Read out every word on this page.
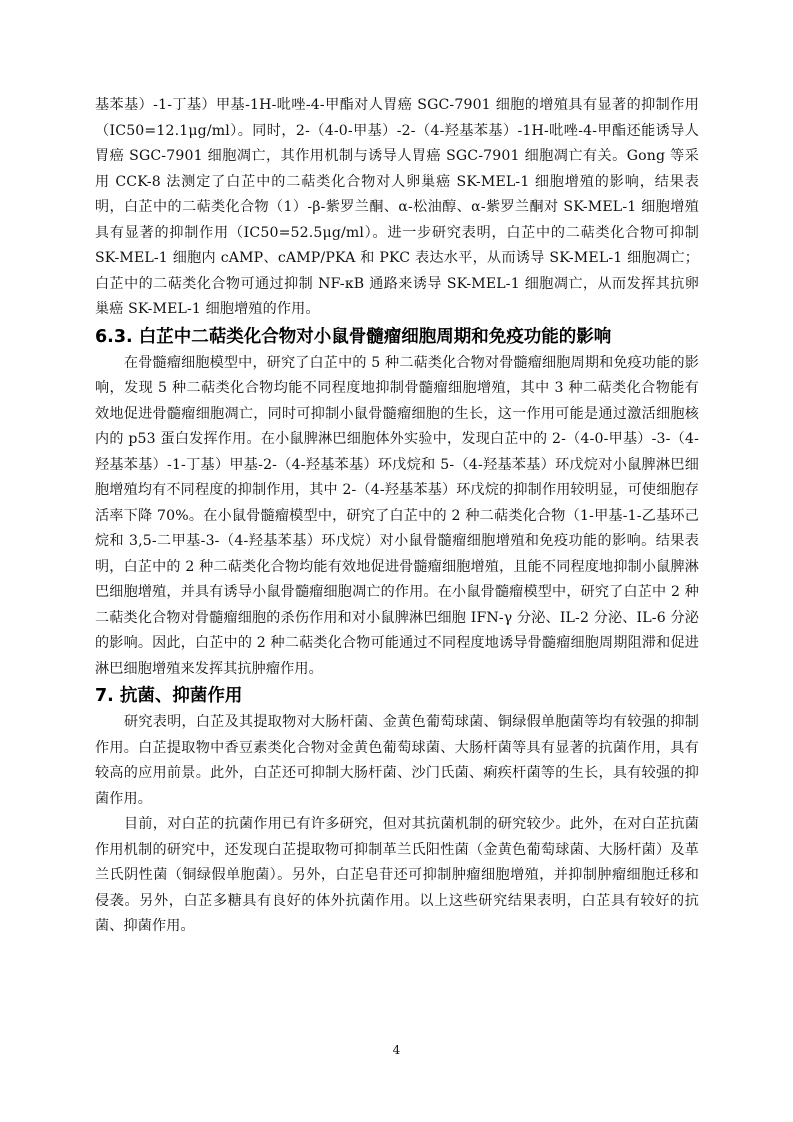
基苯基）-1-丁基）甲基-1H-吡唑-4-甲酯对人胃癌 SGC-7901 细胞的增殖具有显著的抑制作用（IC50=12.1μg/ml）。同时，2-（4-0-甲基）-2-（4-羟基苯基）-1H-吡唑-4-甲酯还能诱导人胃癌 SGC-7901 细胞凋亡，其作用机制与诱导人胃癌 SGC-7901 细胞凋亡有关。Gong 等采用 CCK-8 法测定了白芷中的二萜类化合物对人卵巢癌 SK-MEL-1 细胞增殖的影响，结果表明，白芷中的二萜类化合物（1）-β-紫罗兰酮、α-松油醇、α-紫罗兰酮对 SK-MEL-1 细胞增殖具有显著的抑制作用（IC50=52.5μg/ml）。进一步研究表明，白芷中的二萜类化合物可抑制 SK-MEL-1 细胞内 cAMP、cAMP/PKA 和 PKC 表达水平，从而诱导 SK-MEL-1 细胞凋亡；白芷中的二萜类化合物可通过抑制 NF-κB 通路来诱导 SK-MEL-1 细胞凋亡，从而发挥其抗卵巢癌 SK-MEL-1 细胞增殖的作用。

6.3. 白芷中二萜类化合物对小鼠骨髓瘤细胞周期和免疫功能的影响

在骨髓瘤细胞模型中，研究了白芷中的 5 种二萜类化合物对骨髓瘤细胞周期和免疫功能的影响，发现 5 种二萜类化合物均能不同程度地抑制骨髓瘤细胞增殖，其中 3 种二萜类化合物能有效地促进骨髓瘤细胞凋亡，同时可抑制小鼠骨髓瘤细胞的生长，这一作用可能是通过激活细胞核内的 p53 蛋白发挥作用。在小鼠脾淋巴细胞体外实验中，发现白芷中的 2-（4-0-甲基）-3-（4-羟基苯基）-1-丁基）甲基-2-（4-羟基苯基）环戊烷和 5-（4-羟基苯基）环戊烷对小鼠脾淋巴细胞增殖均有不同程度的抑制作用，其中 2-（4-羟基苯基）环戊烷的抑制作用较明显，可使细胞存活率下降 70%。在小鼠骨髓瘤模型中，研究了白芷中的 2 种二萜类化合物（1-甲基-1-乙基环己烷和 3,5-二甲基-3-（4-羟基苯基）环戊烷）对小鼠骨髓瘤细胞增殖和免疫功能的影响。结果表明，白芷中的 2 种二萜类化合物均能有效地促进骨髓瘤细胞增殖，且能不同程度地抑制小鼠脾淋巴细胞增殖，并具有诱导小鼠骨髓瘤细胞凋亡的作用。在小鼠骨髓瘤模型中，研究了白芷中 2 种二萜类化合物对骨髓瘤细胞的杀伤作用和对小鼠脾淋巴细胞 IFN-γ 分泌、IL-2 分泌、IL-6 分泌的影响。因此，白芷中的 2 种二萜类化合物可能通过不同程度地诱导骨髓瘤细胞周期阻滞和促进淋巴细胞增殖来发挥其抗肿瘤作用。

7. 抗菌、抑菌作用

研究表明，白芷及其提取物对大肠杆菌、金黄色葡萄球菌、铜绿假单胞菌等均有较强的抑制作用。白芷提取物中香豆素类化合物对金黄色葡萄球菌、大肠杆菌等具有显著的抗菌作用，具有较高的应用前景。此外，白芷还可抑制大肠杆菌、沙门氏菌、痢疾杆菌等的生长，具有较强的抑菌作用。

目前，对白芷的抗菌作用已有许多研究，但对其抗菌机制的研究较少。此外，在对白芷抗菌作用机制的研究中，还发现白芷提取物可抑制革兰氏阳性菌（金黄色葡萄球菌、大肠杆菌）及革兰氏阴性菌（铜绿假单胞菌）。另外，白芷皂苷还可抑制肿瘤细胞增殖，并抑制肿瘤细胞迁移和侵袭。另外，白芷多糖具有良好的体外抗菌作用。以上这些研究结果表明，白芷具有较好的抗菌、抑菌作用。

4
